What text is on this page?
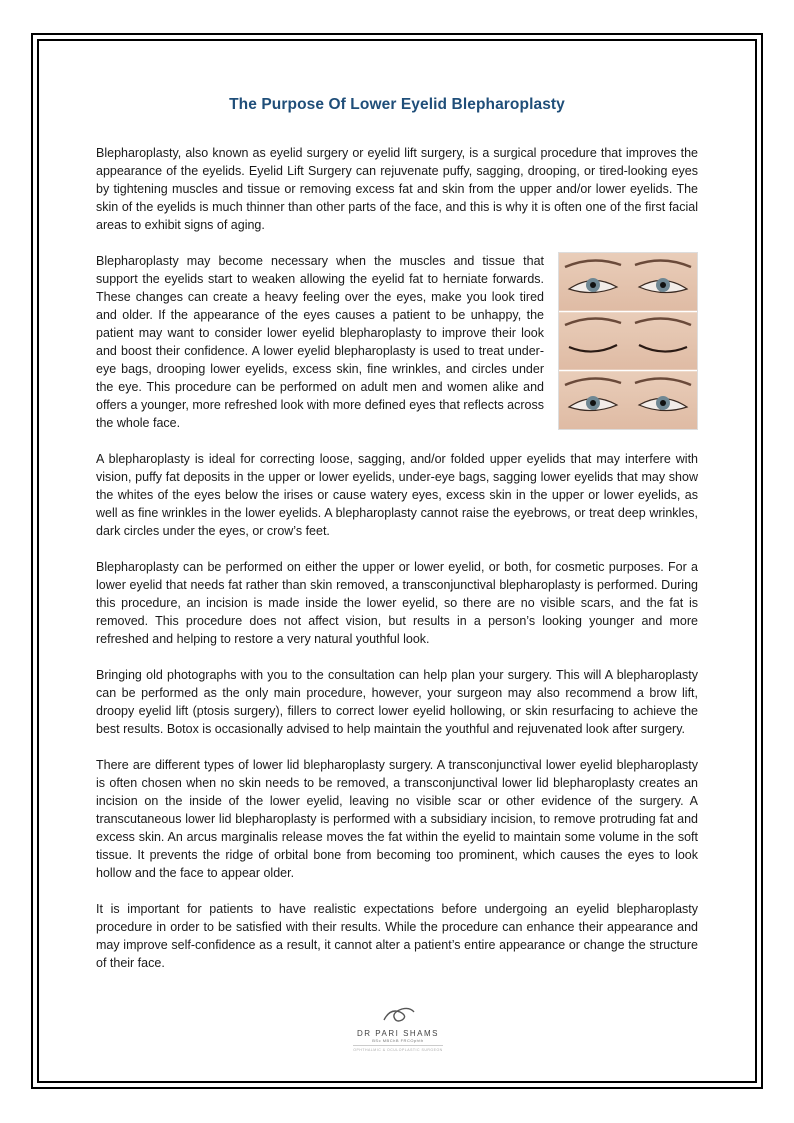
The Purpose Of Lower Eyelid Blepharoplasty

Blepharoplasty, also known as eyelid surgery or eyelid lift surgery, is a surgical procedure that improves the appearance of the eyelids. Eyelid Lift Surgery can rejuvenate puffy, sagging, drooping, or tired-looking eyes by tightening muscles and tissue or removing excess fat and skin from the upper and/or lower eyelids. The skin of the eyelids is much thinner than other parts of the face, and this is why it is often one of the first facial areas to exhibit signs of aging.

Blepharoplasty may become necessary when the muscles and tissue that support the eyelids start to weaken allowing the eyelid fat to herniate forwards. These changes can create a heavy feeling over the eyes, make you look tired and older. If the appearance of the eyes causes a patient to be unhappy, the patient may want to consider lower eyelid blepharoplasty to improve their look and boost their confidence. A lower eyelid blepharoplasty is used to treat under-eye bags, drooping lower eyelids, excess skin, fine wrinkles, and circles under the eye. This procedure can be performed on adult men and women alike and offers a younger, more refreshed look with more defined eyes that reflects across the whole face.

A blepharoplasty is ideal for correcting loose, sagging, and/or folded upper eyelids that may interfere with vision, puffy fat deposits in the upper or lower eyelids, under-eye bags, sagging lower eyelids that may show the whites of the eyes below the irises or cause watery eyes, excess skin in the upper or lower eyelids, as well as fine wrinkles in the lower eyelids. A blepharoplasty cannot raise the eyebrows, or treat deep wrinkles, dark circles under the eyes, or crow’s feet.

Blepharoplasty can be performed on either the upper or lower eyelid, or both, for cosmetic purposes. For a lower eyelid that needs fat rather than skin removed, a transconjunctival blepharoplasty is performed. During this procedure, an incision is made inside the lower eyelid, so there are no visible scars, and the fat is removed. This procedure does not affect vision, but results in a person’s looking younger and more refreshed and helping to restore a very natural youthful look.

Bringing old photographs with you to the consultation can help plan your surgery. This will A blepharoplasty can be performed as the only main procedure, however, your surgeon may also recommend a brow lift, droopy eyelid lift (ptosis surgery), fillers to correct lower eyelid hollowing, or skin resurfacing to achieve the best results. Botox is occasionally advised to help maintain the youthful and rejuvenated look after surgery.

There are different types of lower lid blepharoplasty surgery. A transconjunctival lower eyelid blepharoplasty is often chosen when no skin needs to be removed, a transconjunctival lower lid blepharoplasty creates an incision on the inside of the lower eyelid, leaving no visible scar or other evidence of the surgery. A transcutaneous lower lid blepharoplasty is performed with a subsidiary incision, to remove protruding fat and excess skin. An arcus marginalis release moves the fat within the eyelid to maintain some volume in the soft tissue. It prevents the ridge of orbital bone from becoming too prominent, which causes the eyes to look hollow and the face to appear older.

It is important for patients to have realistic expectations before undergoing an eyelid blepharoplasty procedure in order to be satisfied with their results. While the procedure can enhance their appearance and may improve self-confidence as a result, it cannot alter a patient’s entire appearance or change the structure of their face.

DR PARI SHAMS
BSc MBChB FRCOphth
OPHTHALMIC & OCULOPLASTIC SURGEON
